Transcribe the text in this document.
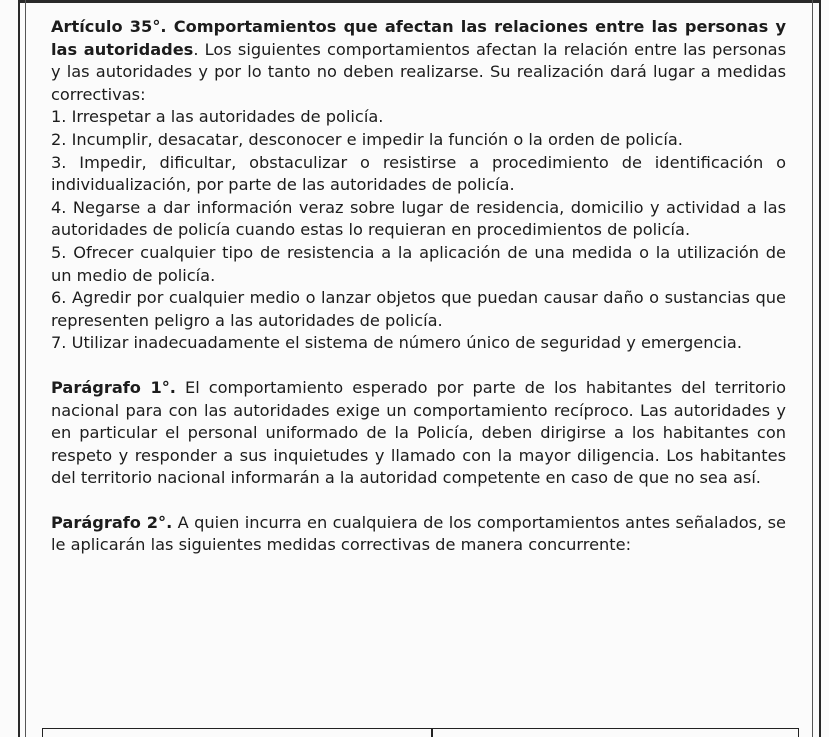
Artículo 35°. Comportamientos que afectan las relaciones entre las personas y las autoridades. Los siguientes comportamientos afectan la relación entre las personas y las autoridades y por lo tanto no deben realizarse. Su realización dará lugar a medidas correctivas:

1. Irrespetar a las autoridades de policía.

2. Incumplir, desacatar, desconocer e impedir la función o la orden de policía.

3. Impedir, dificultar, obstaculizar o resistirse a procedimiento de identificación o individualización, por parte de las autoridades de policía.

4. Negarse a dar información veraz sobre lugar de residencia, domicilio y actividad a las autoridades de policía cuando estas lo requieran en procedimientos de policía.

5. Ofrecer cualquier tipo de resistencia a la aplicación de una medida o la utilización de un medio de policía.

6. Agredir por cualquier medio o lanzar objetos que puedan causar daño o sustancias que representen peligro a las autoridades de policía.

7. Utilizar inadecuadamente el sistema de número único de seguridad y emergencia.

Parágrafo 1°. El comportamiento esperado por parte de los habitantes del territorio nacional para con las autoridades exige un comportamiento recíproco. Las autoridades y en particular el personal uniformado de la Policía, deben dirigirse a los habitantes con respeto y responder a sus inquietudes y llamado con la mayor diligencia. Los habitantes del territorio nacional informarán a la autoridad competente en caso de que no sea así.

Parágrafo 2°. A quien incurra en cualquiera de los comportamientos antes señalados, se le aplicarán las siguientes medidas correctivas de manera concurrente:
